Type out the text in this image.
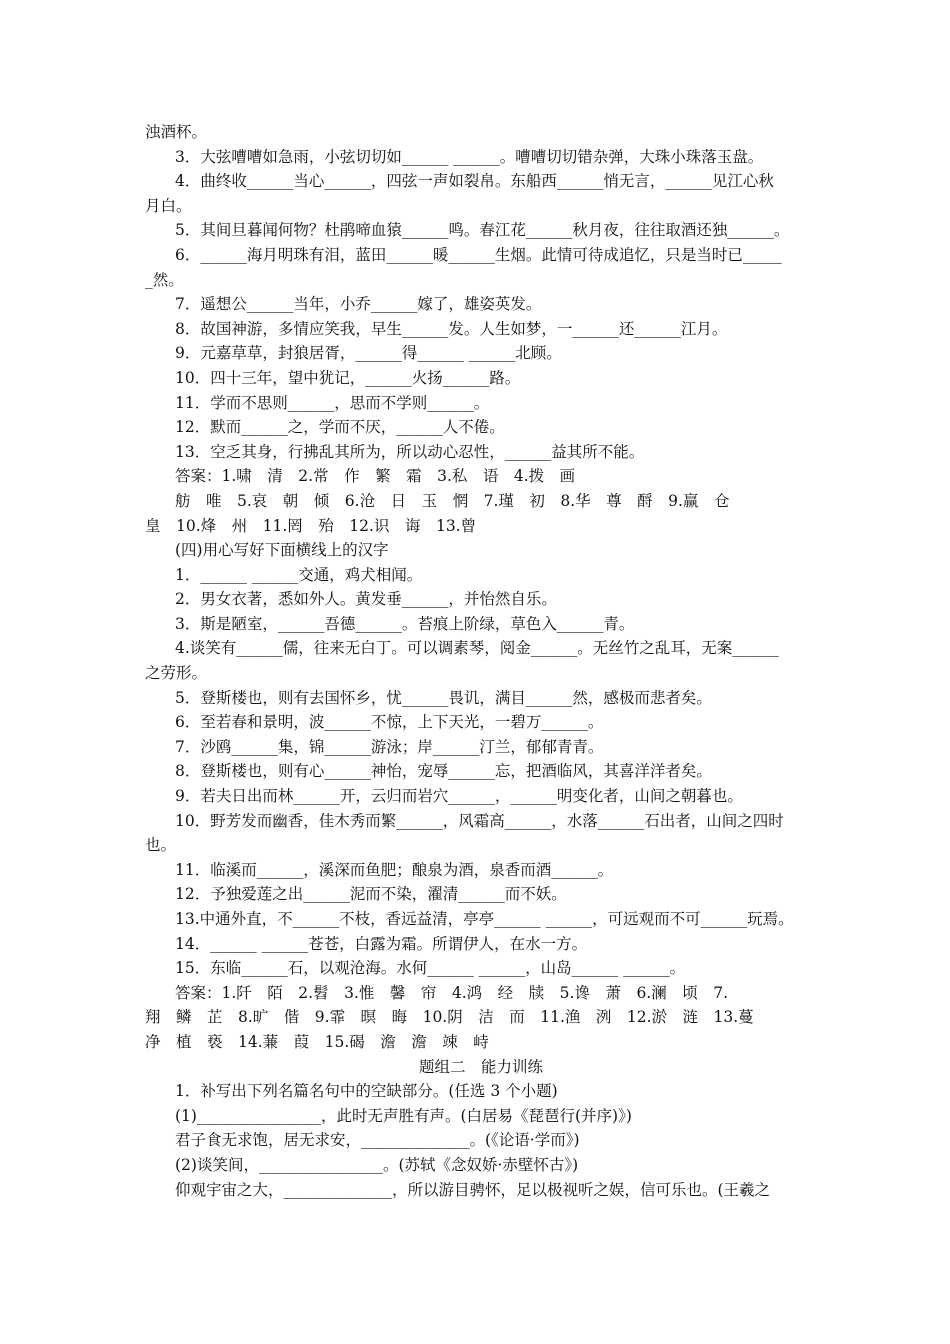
浊酒杯。
3．大弦嘈嘈如急雨，小弦切切如______ ______。嘈嘈切切错杂弹，大珠小珠落玉盘。
4．曲终收______当心______，四弦一声如裂帛。东船西______悄无言，______见江心秋
月白。
5．其间旦暮闻何物？杜鹃啼血猿______鸣。春江花______秋月夜，往往取酒还独______。
6．______海月明珠有泪，蓝田______暖______生烟。此情可待成追忆，只是当时已_____
_然。
7．遥想公______当年，小乔______嫁了，雄姿英发。
8．故国神游，多情应笑我，早生______发。人生如梦，一______还______江月。
9．元嘉草草，封狼居胥，______得______ ______北顾。
10．四十三年，望中犹记，______火扬______路。
11．学而不思则______，思而不学则______。
12．默而______之，学而不厌，______人不倦。
13．空乏其身，行拂乱其所为，所以动心忍性，______益其所不能。
答案：1.啸　清　2.常　作　繁　霜　3.私　语　4.拨　画
舫　唯　5.哀　朝　倾　6.沧　日　玉　惘　7.瑾　初　8.华　尊　酹　9.赢　仓
皇　10.烽　州　11.罔　殆　12.识　诲　13.曾
(四)用心写好下面横线上的汉字
1．______ ______交通，鸡犬相闻。
2．男女衣著，悉如外人。黄发垂______，并怡然自乐。
3．斯是陋室，______吾德______。苔痕上阶绿，草色入______青。
4.谈笑有______儒，往来无白丁。可以调素琴，阅金______。无丝竹之乱耳，无案______
之劳形。
5．登斯楼也，则有去国怀乡，忧______畏讥，满目______然，感极而悲者矣。
6．至若春和景明，波______不惊，上下天光，一碧万______。
7．沙鸥______集，锦______游泳；岸______汀兰，郁郁青青。
8．登斯楼也，则有心______神怡，宠辱______忘，把酒临风，其喜洋洋者矣。
9．若夫日出而林______开，云归而岩穴______，______明变化者，山间之朝暮也。
10．野芳发而幽香，佳木秀而繁______，风霜高______，水落______石出者，山间之四时
也。
11．临溪而______，溪深而鱼肥；酿泉为酒，泉香而酒______。
12．予独爱莲之出______泥而不染，濯清______而不妖。
13.中通外直，不______不枝，香远益清，亭亭______ ______，可远观而不可______玩焉。
14．______ ______苍苍，白露为霜。所谓伊人，在水一方。
15．东临______石，以观沧海。水何______ ______，山岛______ ______。
答案：1.阡　陌　2.髫　3.惟　馨　帘　4.鸿　经　牍　5.谗　萧　6.澜　顷　7.
翔　鳞　芷　8.旷　偕　9.霏　暝　晦　10.阴　洁　而　11.渔　洌　12.淤　涟　13.蔓
净　植　亵　14.蒹　葭　15.碣　澹　澹　竦　峙
题组二　能力训练
1．补写出下列名篇名句中的空缺部分。(任选 3 个小题)
(1)________________，此时无声胜有声。(白居易《琵琶行(并序)》)
君子食无求饱，居无求安，______________。(《论语·学而》)
(2)谈笑间，________________。(苏轼《念奴娇·赤壁怀古》)
仰观宇宙之大，______________，所以游目骋怀，足以极视听之娱，信可乐也。(王羲之
